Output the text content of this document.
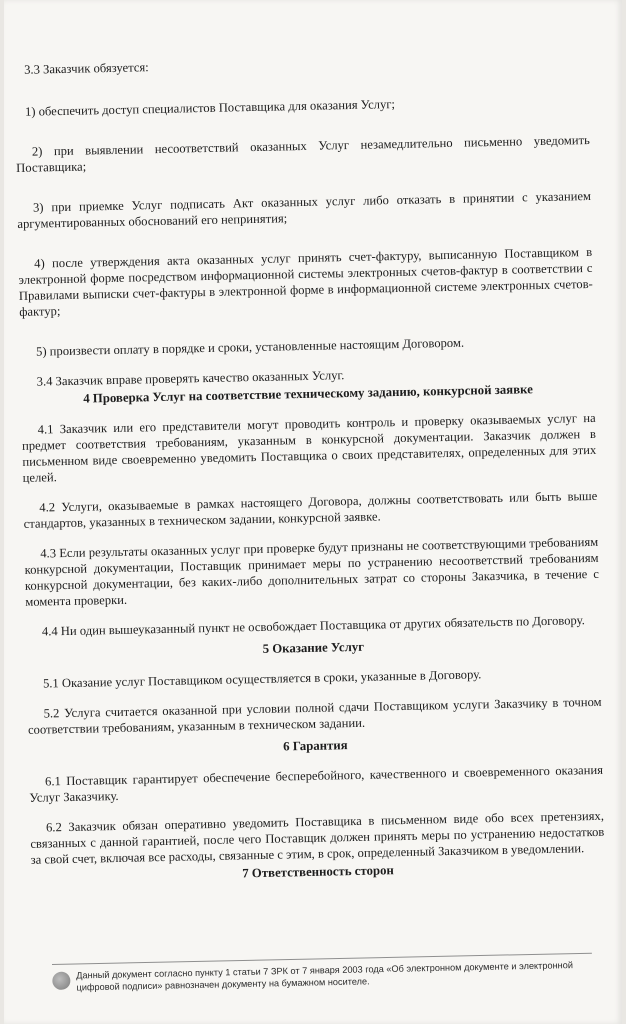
3.3 Заказчик обязуется:

1) обеспечить доступ специалистов Поставщика для оказания Услуг;

2) при выявлении несоответствий оказанных Услуг незамедлительно письменно уведомить Поставщика;

3) при приемке Услуг подписать Акт оказанных услуг либо отказать в принятии с указанием аргументированных обоснований его непринятия;

4) после утверждения акта оказанных услуг принять счет-фактуру, выписанную Поставщиком в электронной форме посредством информационной системы электронных счетов-фактур в соответствии с Правилами выписки счет-фактуры в электронной форме в информационной системе электронных счетов-фактур;

5) произвести оплату в порядке и сроки, установленные настоящим Договором.

3.4 Заказчик вправе проверять качество оказанных Услуг.

4 Проверка Услуг на соответствие техническому заданию, конкурсной заявке

4.1 Заказчик или его представители могут проводить контроль и проверку оказываемых услуг на предмет соответствия требованиям, указанным в конкурсной документации. Заказчик должен в письменном виде своевременно уведомить Поставщика о своих представителях, определенных для этих целей.

4.2 Услуги, оказываемые в рамках настоящего Договора, должны соответствовать или быть выше стандартов, указанных в техническом задании, конкурсной заявке.

4.3 Если результаты оказанных услуг при проверке будут признаны не соответствующими требованиям конкурсной документации, Поставщик принимает меры по устранению несоответствий требованиям конкурсной документации, без каких-либо дополнительных затрат со стороны Заказчика, в течение с момента проверки.

4.4 Ни один вышеуказанный пункт не освобождает Поставщика от других обязательств по Договору.

5 Оказание Услуг

5.1 Оказание услуг Поставщиком осуществляется в сроки, указанные в Договору.

5.2 Услуга считается оказанной при условии полной сдачи Поставщиком услуги Заказчику в точном соответствии требованиям, указанным в техническом задании.

6 Гарантия

6.1 Поставщик гарантирует обеспечение бесперебойного, качественного и своевременного оказания Услуг Заказчику.

6.2 Заказчик обязан оперативно уведомить Поставщика в письменном виде обо всех претензиях, связанных с данной гарантией, после чего Поставщик должен принять меры по устранению недостатков за свой счет, включая все расходы, связанные с этим, в срок, определенный Заказчиком в уведомлении.

7 Ответственность сторон
Данный документ согласно пункту 1 статьи 7 ЗРК от 7 января 2003 года «Об электронном документе и электронной цифровой подписи» равнозначен документу на бумажном носителе.
